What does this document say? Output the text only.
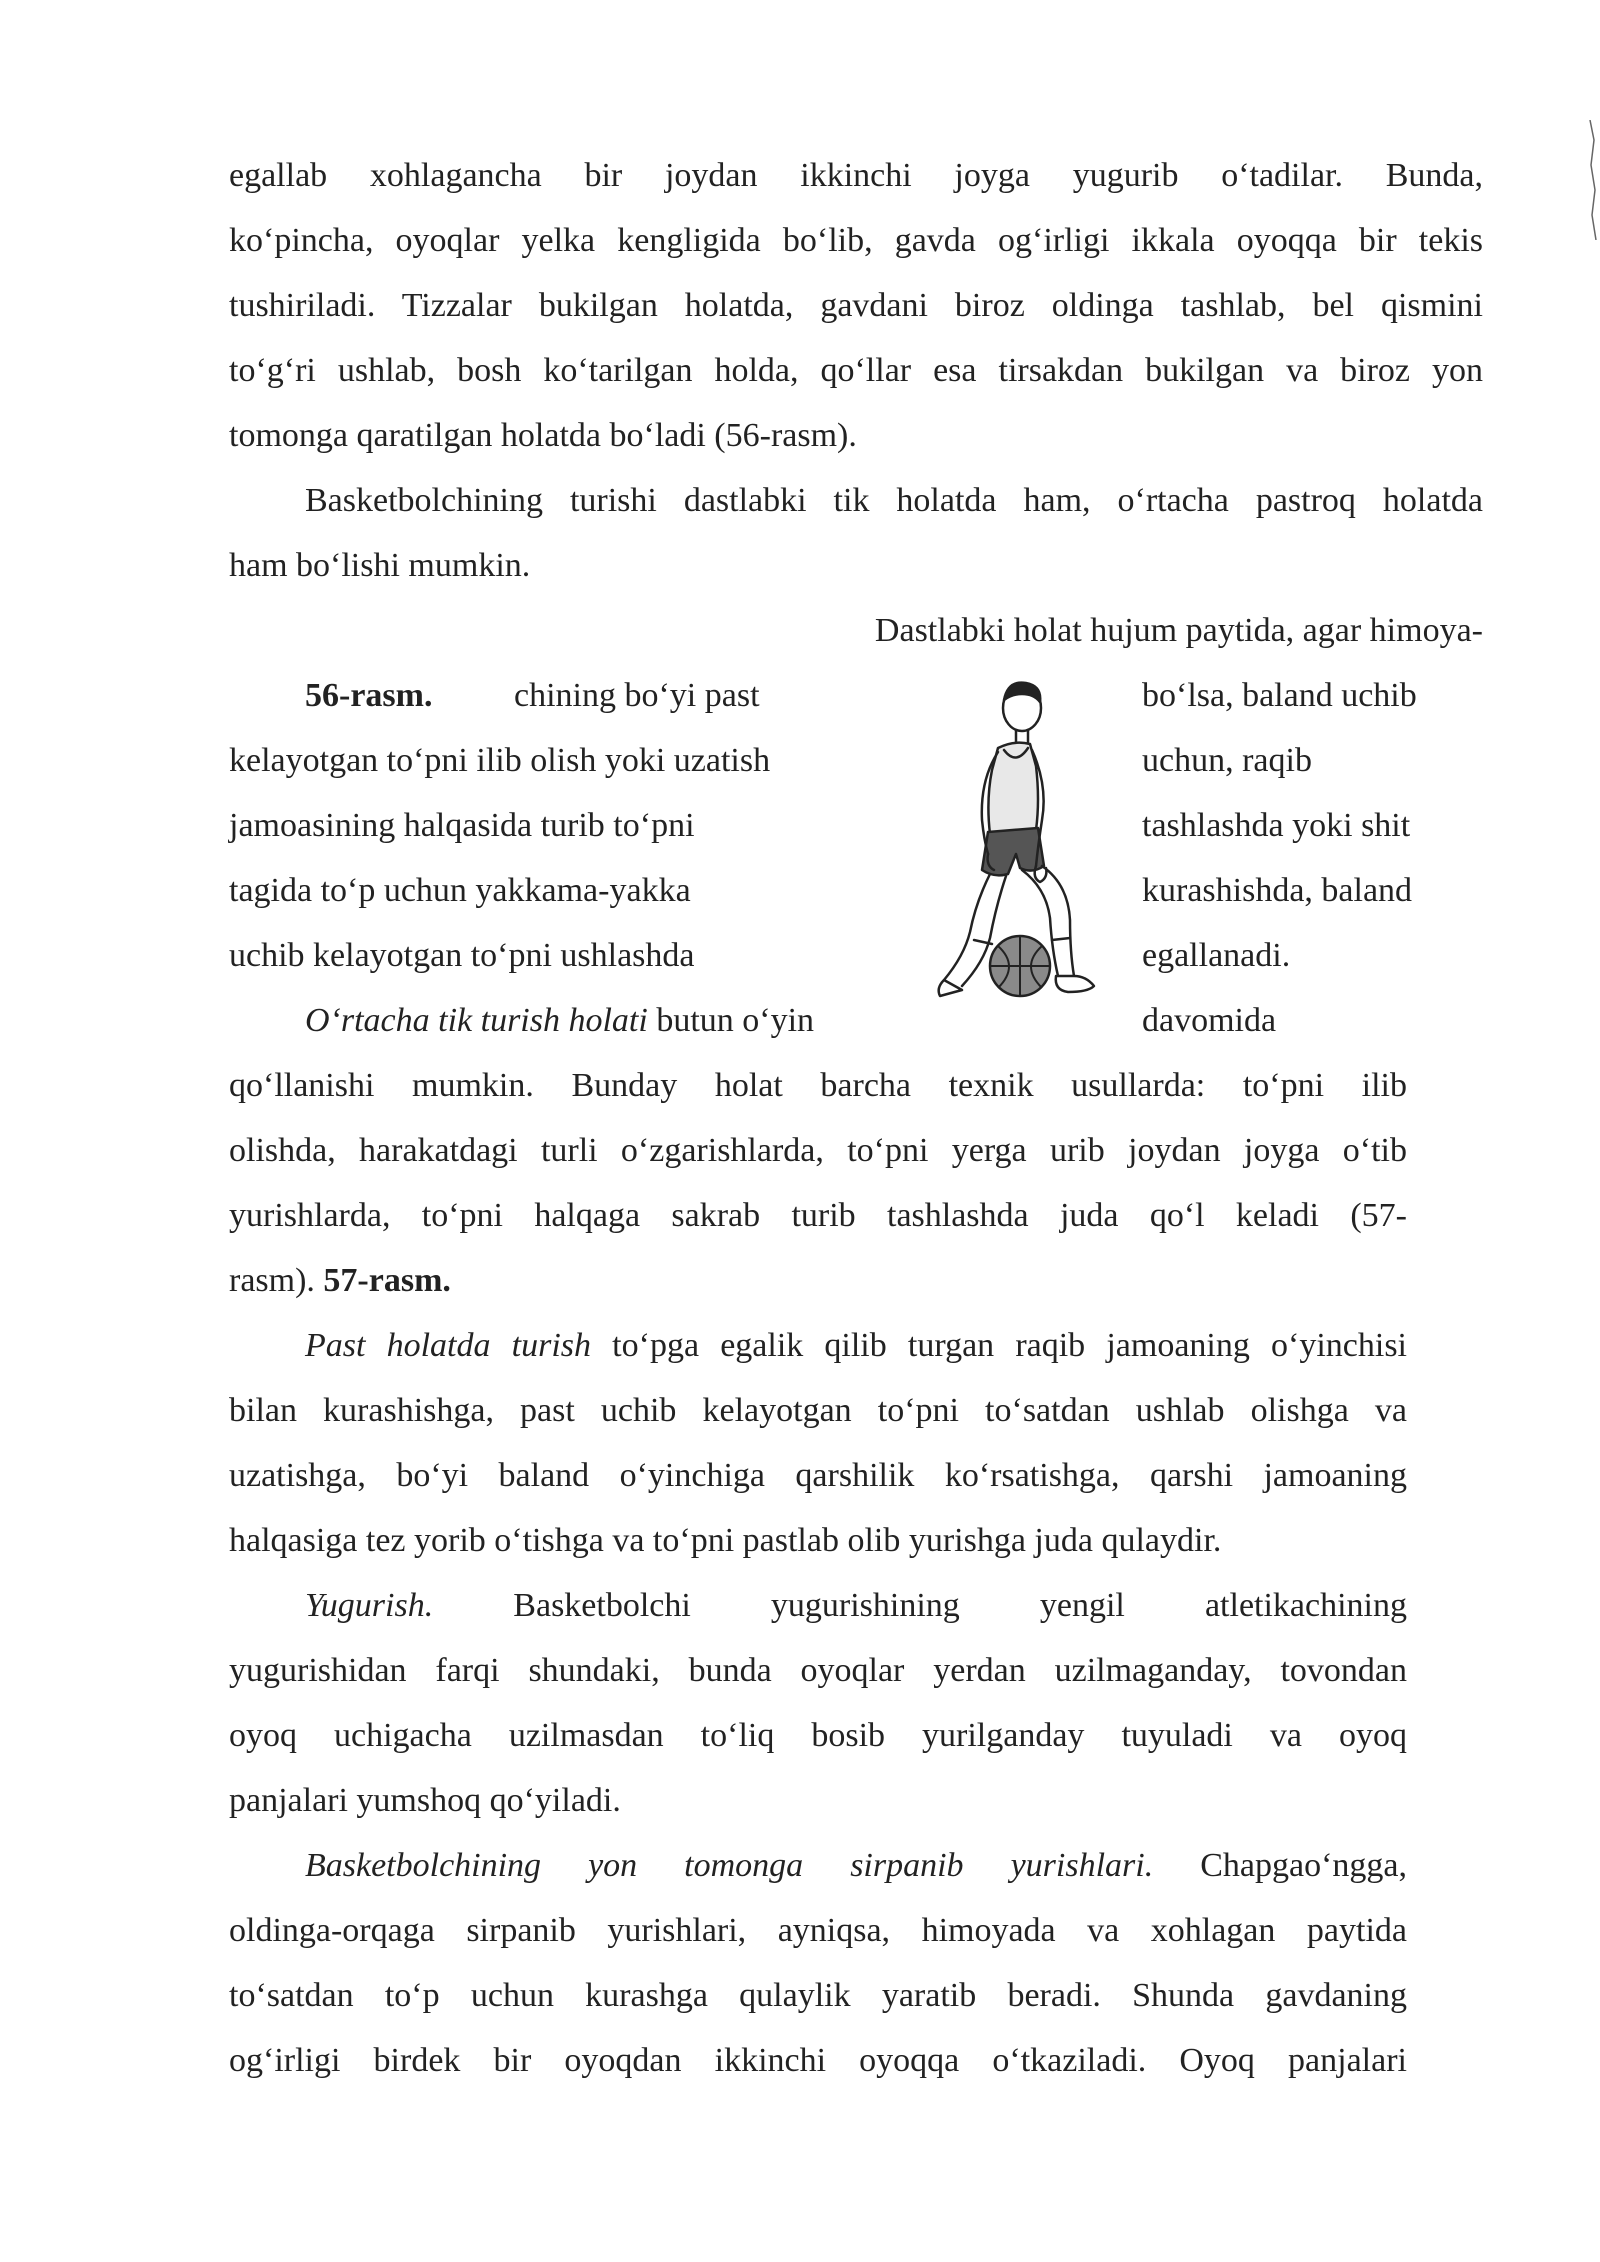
egallab xohlagancha bir joydan ikkinchi joyga yugurib o‘tadilar. Bunda,
ko‘pincha, oyoqlar yelka kengligida bo‘lib, gavda og‘irligi ikkala oyoqqa bir tekis
tushiriladi. Tizzalar bukilgan holatda, gavdani biroz oldinga tashlab, bel qismini
to‘g‘ri ushlab, bosh ko‘tarilgan holda, qo‘llar esa tirsakdan bukilgan va biroz yon
tomonga qaratilgan holatda bo‘ladi (56-rasm).
Basketbolchining turishi dastlabki tik holatda ham, o‘rtacha pastroq holatda
ham bo‘lishi mumkin.
Dastlabki holat hujum paytida, agar himoya-
56-rasm. chining bo‘yi past	bo‘lsa, baland uchib
kelayotgan to‘pni ilib olish yoki uzatish	uchun, raqib
jamoasining halqasida turib to‘pni	tashlashda yoki shit
tagida to‘p uchun yakkama-yakka	kurashishda, baland
uchib kelayotgan to‘pni ushlashda	egallanadi.
O‘rtacha tik turish holati butun o‘yin	davomida
qo‘llanishi mumkin. Bunday holat barcha texnik usullarda: to‘pni ilib
olishda, harakatdagi turli o‘zgarishlarda, to‘pni yerga urib joydan joyga o‘tib
yurishlarda, to‘pni halqaga sakrab turib tashlashda juda qo‘l keladi (57-
rasm). 57-rasm.
Past holatda turish to‘pga egalik qilib turgan raqib jamoaning o‘yinchisi
bilan kurashishga, past uchib kelayotgan to‘pni to‘satdan ushlab olishga va
uzatishga, bo‘yi baland o‘yinchiga qarshilik ko‘rsatishga, qarshi jamoaning
halqasiga tez yorib o‘tishga va to‘pni pastlab olib yurishga juda qulaydir.
Yugurish. Basketbolchi yugurishining yengil atletikachining
yugurishidan farqi shundaki, bunda oyoqlar yerdan uzilmaganday, tovondan
oyoq uchigacha uzilmasdan to‘liq bosib yurilganday tuyuladi va oyoq
panjalari yumshoq qo‘yiladi.
Basketbolchining yon tomonga sirpanib yurishlari. Chapgao‘ngga,
oldinga-orqaga sirpanib yurishlari, ayniqsa, himoyada va xohlagan paytida
to‘satdan to‘p uchun kurashga qulaylik yaratib beradi. Shunda gavdaning
og‘irligi birdek bir oyoqdan ikkinchi oyoqqa o‘tkaziladi. Oyoq panjalari
